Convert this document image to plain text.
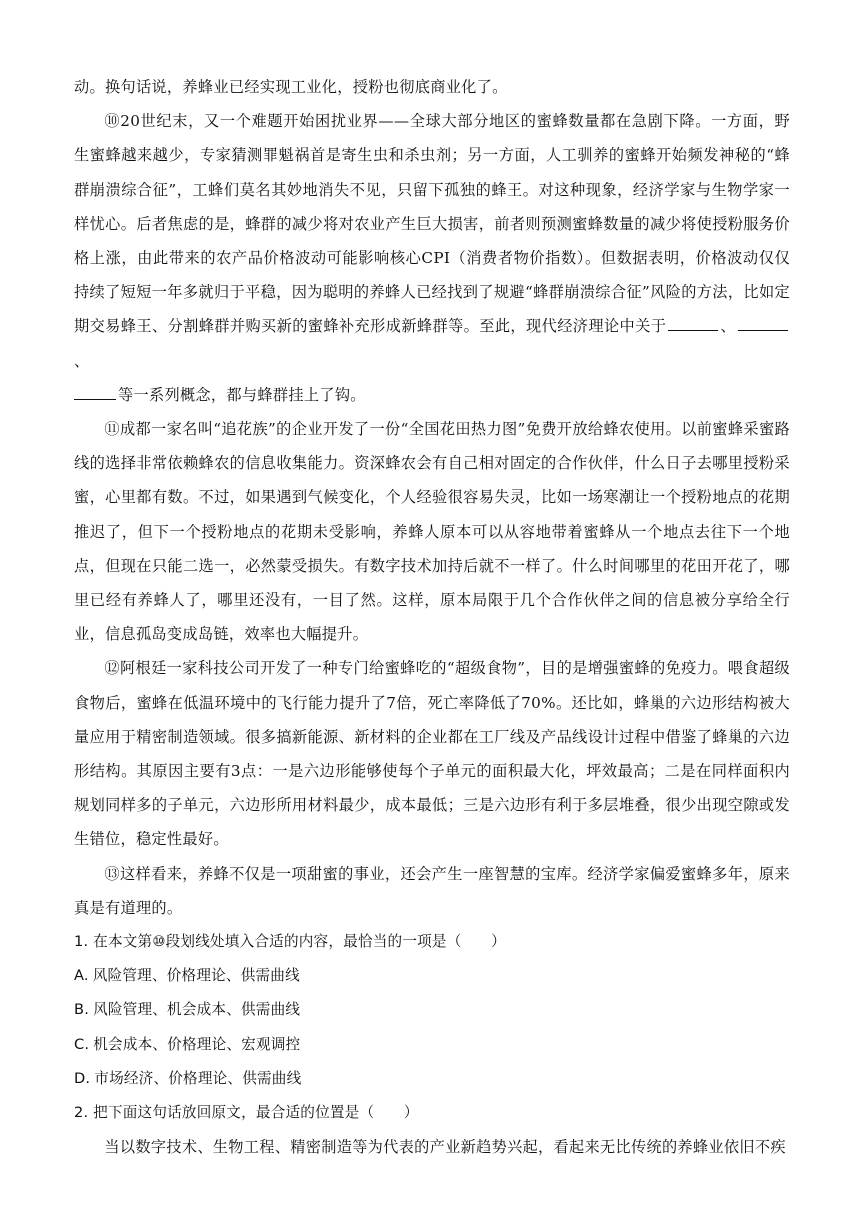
动。换句话说，养蜂业已经实现工业化，授粉也彻底商业化了。

⑩20世纪末，又一个难题开始困扰业界——全球大部分地区的蜜蜂数量都在急剧下降。一方面，野生蜜蜂越来越少，专家猜测罪魁祸首是寄生虫和杀虫剂；另一方面，人工驯养的蜜蜂开始频发神秘的“蜂群崩溃综合征”，工蜂们莫名其妙地消失不见，只留下孤独的蜂王。对这种现象，经济学家与生物学家一样忧心。后者焦虑的是，蜂群的减少将对农业产生巨大损害，前者则预测蜜蜂数量的减少将使授粉服务价格上涨，由此带来的农产品价格波动可能影响核心CPI（消费者物价指数）。但数据表明，价格波动仅仅持续了短短一年多就归于平稳，因为聪明的养蜂人已经找到了规避“蜂群崩溃综合征”风险的方法，比如定期交易蜂王、分割蜂群并购买新的蜜蜂补充形成新蜂群等。至此，现代经济理论中关于	、、
等一系列概念，都与蜂群挂上了钩。

⑪成都一家名叫“追花族”的企业开发了一份“全国花田热力图”免费开放给蜂农使用。以前蜜蜂采蜜路线的选择非常依赖蜂农的信息收集能力。资深蜂农会有自己相对固定的合作伙伴，什么日子去哪里授粉采蜜，心里都有数。不过，如果遇到气候变化，个人经验很容易失灵，比如一场寒潮让一个授粉地点的花期推迟了，但下一个授粉地点的花期未受影响，养蜂人原本可以从容地带着蜜蜂从一个地点去往下一个地点，但现在只能二选一，必然蒙受损失。有数字技术加持后就不一样了。什么时间哪里的花田开花了，哪里已经有养蜂人了，哪里还没有，一目了然。这样，原本局限于几个合作伙伴之间的信息被分享给全行业，信息孤岛变成岛链，效率也大幅提升。

⑫阿根廷一家科技公司开发了一种专门给蜜蜂吃的“超级食物”，目的是增强蜜蜂的免疫力。喂食超级食物后，蜜蜂在低温环境中的飞行能力提升了7倍，死亡率降低了70%。还比如，蜂巢的六边形结构被大量应用于精密制造领域。很多搞新能源、新材料的企业都在工厂线及产品线设计过程中借鉴了蜂巢的六边形结构。其原因主要有3点：一是六边形能够使每个子单元的面积最大化，坪效最高；二是在同样面积内规划同样多的子单元，六边形所用材料最少，成本最低；三是六边形有利于多层堆叠，很少出现空隙或发生错位，稳定性最好。

⑬这样看来，养蜂不仅是一项甜蜜的事业，还会产生一座智慧的宝库。经济学家偏爱蜜蜂多年，原来真是有道理的。

1. 在本文第⑩段划线处填入合适的内容，最恰当的一项是（　　）

A. 风险管理、价格理论、供需曲线

B. 风险管理、机会成本、供需曲线

C. 机会成本、价格理论、宏观调控

D. 市场经济、价格理论、供需曲线

2. 把下面这句话放回原文，最合适的位置是（　　）

当以数字技术、生物工程、精密制造等为代表的产业新趋势兴起，看起来无比传统的养蜂业依旧不疾
